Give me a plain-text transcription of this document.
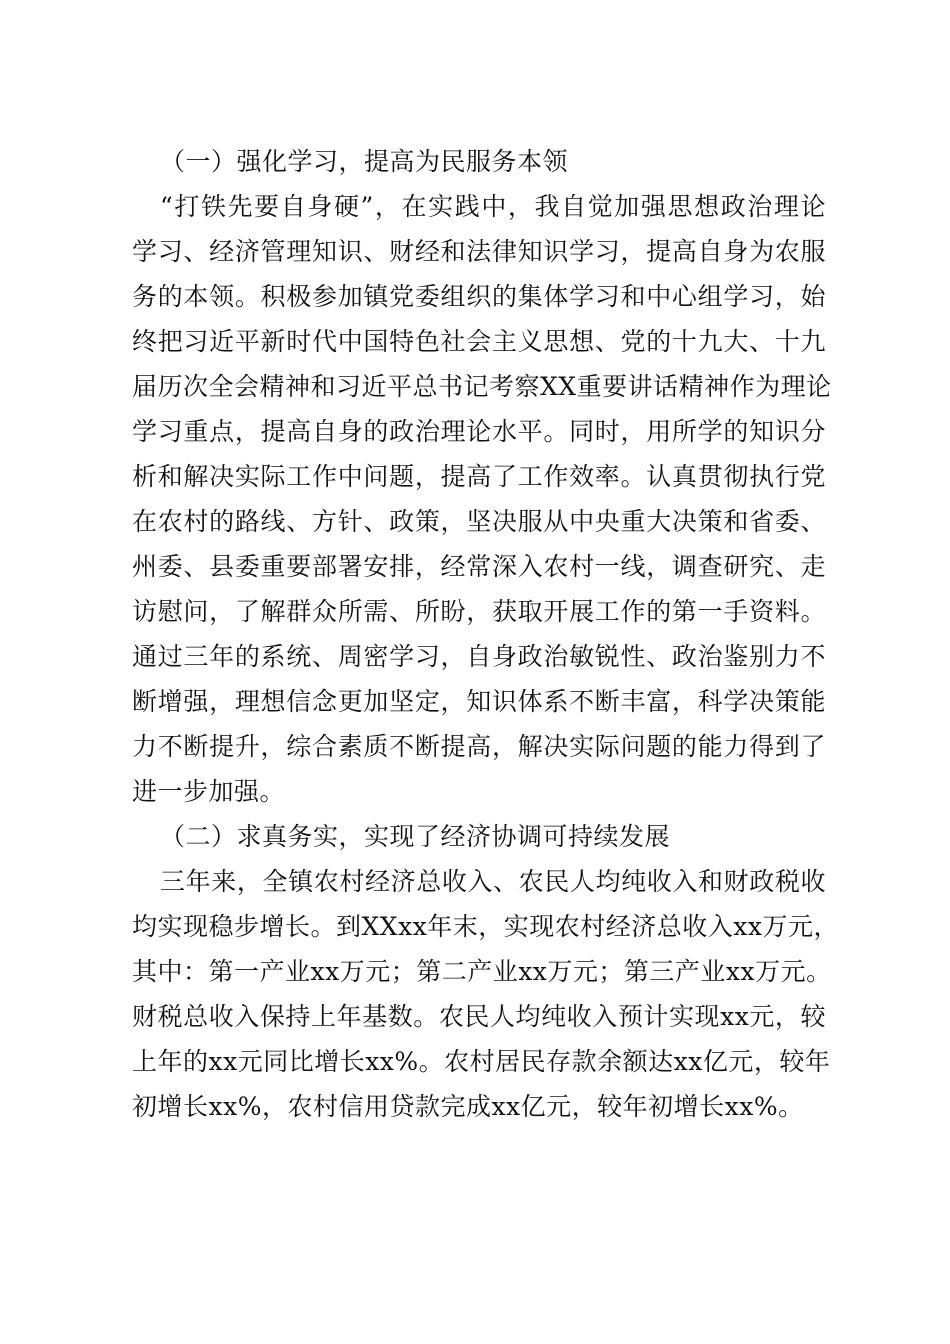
（一）强化学习，提高为民服务本领

“打铁先要自身硬”，在实践中，我自觉加强思想政治理论
学习、经济管理知识、财经和法律知识学习，提高自身为农服
务的本领。积极参加镇党委组织的集体学习和中心组学习，始
终把习近平新时代中国特色社会主义思想、党的十九大、十九
届历次全会精神和习近平总书记考察XX重要讲话精神作为理论
学习重点，提高自身的政治理论水平。同时，用所学的知识分
析和解决实际工作中问题，提高了工作效率。认真贯彻执行党
在农村的路线、方针、政策，坚决服从中央重大决策和省委、
州委、县委重要部署安排，经常深入农村一线，调查研究、走
访慰问，了解群众所需、所盼，获取开展工作的第一手资料。
通过三年的系统、周密学习，自身政治敏锐性、政治鉴别力不
断增强，理想信念更加坚定，知识体系不断丰富，科学决策能
力不断提升，综合素质不断提高，解决实际问题的能力得到了
进一步加强。

（二）求真务实，实现了经济协调可持续发展

三年来，全镇农村经济总收入、农民人均纯收入和财政税收
均实现稳步增长。到XXxx年末，实现农村经济总收入xx万元，
其中：第一产业xx万元；第二产业xx万元；第三产业xx万元。
财税总收入保持上年基数。农民人均纯收入预计实现xx元，较
上年的xx元同比增长xx%。农村居民存款余额达xx亿元，较年
初增长xx%，农村信用贷款完成xx亿元，较年初增长xx%。
